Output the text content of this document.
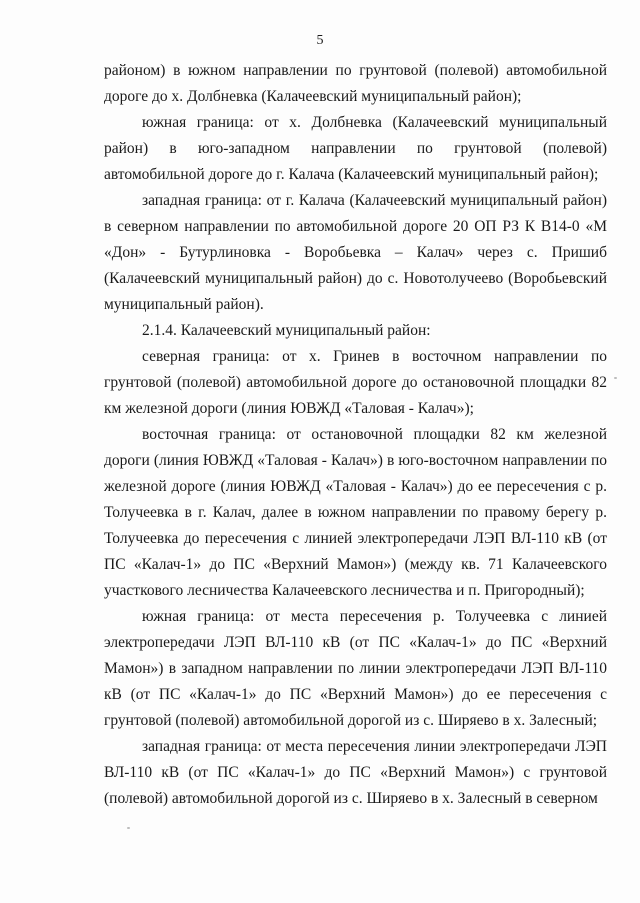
5

районом) в южном направлении по грунтовой (полевой) автомобильной дороге до х. Долбневка (Калачеевский муниципальный район);

южная граница: от х. Долбневка (Калачеевский муниципальный район) в юго-западном направлении по грунтовой (полевой) автомобильной дороге до г. Калача (Калачеевский муниципальный район);

западная граница: от г. Калача (Калачеевский муниципальный район) в северном направлении по автомобильной дороге 20 ОП РЗ К В14-0 «М «Дон» - Бутурлиновка - Воробьевка – Калач» через с. Пришиб (Калачеевский муниципальный район) до с. Новотолучеево (Воробьевский муниципальный район).

2.1.4. Калачеевский муниципальный район:

северная граница: от х. Гринев в восточном направлении по грунтовой (полевой) автомобильной дороге до остановочной площадки 82 км железной дороги (линия ЮВЖД «Таловая - Калач»);

восточная граница: от остановочной площадки 82 км железной дороги (линия ЮВЖД «Таловая - Калач») в юго-восточном направлении по железной дороге (линия ЮВЖД «Таловая - Калач») до ее пересечения с р. Толучеевка в г. Калач, далее в южном направлении по правому берегу р. Толучеевка до пересечения с линией электропередачи ЛЭП ВЛ-110 кВ (от ПС «Калач-1» до ПС «Верхний Мамон») (между кв. 71 Калачеевского участкового лесничества Калачеевского лесничества и п. Пригородный);

южная граница: от места пересечения р. Толучеевка с линией электропередачи ЛЭП ВЛ-110 кВ (от ПС «Калач-1» до ПС «Верхний Мамон») в западном направлении по линии электропередачи ЛЭП ВЛ-110 кВ (от ПС «Калач-1» до ПС «Верхний Мамон») до ее пересечения с грунтовой (полевой) автомобильной дорогой из с. Ширяево в х. Залесный;

западная граница: от места пересечения линии электропередачи ЛЭП ВЛ-110 кВ (от ПС «Калач-1» до ПС «Верхний Мамон») с грунтовой (полевой) автомобильной дорогой из с. Ширяево в х. Залесный в северном
